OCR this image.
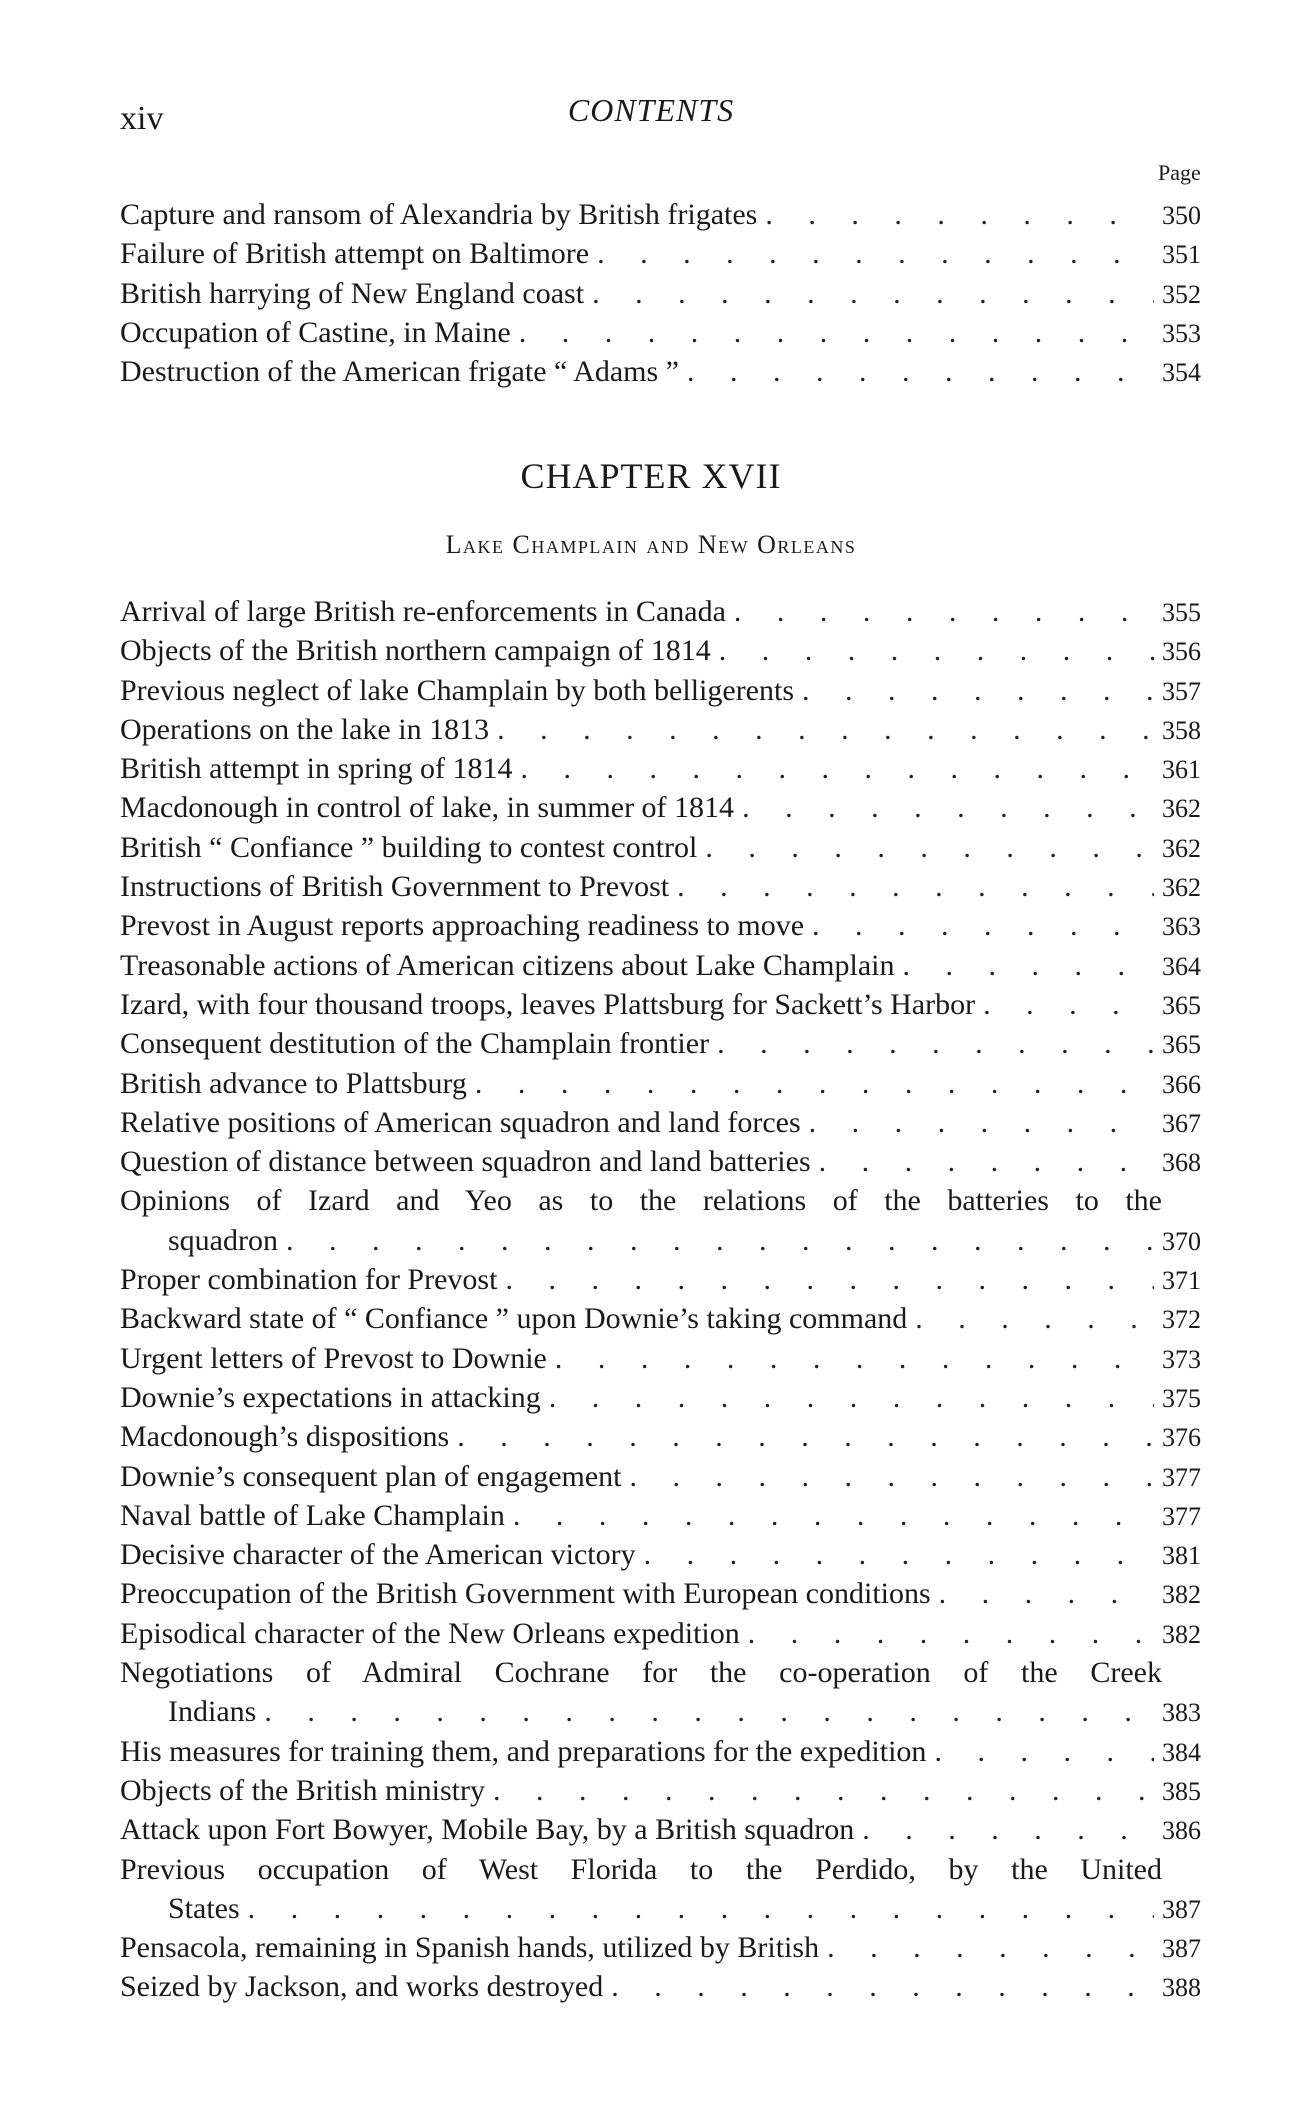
xiv	CONTENTS
Page
Capture and ransom of Alexandria by British frigates . . .	350
Failure of British attempt on Baltimore . . .	351
British harrying of New England coast . . .	352
Occupation of Castine, in Maine . . .	353
Destruction of the American frigate “ Adams ” . . .	354
CHAPTER XVII
Lake Champlain and New Orleans
Arrival of large British re-enforcements in Canada . . .	355
Objects of the British northern campaign of 1814 . . .	356
Previous neglect of lake Champlain by both belligerents . . .	357
Operations on the lake in 1813 . . .	358
British attempt in spring of 1814 . . .	361
Macdonough in control of lake, in summer of 1814 . . .	362
British “ Confiance ” building to contest control . . .	362
Instructions of British Government to Prevost . . .	362
Prevost in August reports approaching readiness to move . . .	363
Treasonable actions of American citizens about Lake Champlain . . .	364
Izard, with four thousand troops, leaves Plattsburg for Sackett’s Harbor . . .	365
Consequent destitution of the Champlain frontier . . .	365
British advance to Plattsburg . . .	366
Relative positions of American squadron and land forces . . .	367
Question of distance between squadron and land batteries . . .	368
Opinions of Izard and Yeo as to the relations of the batteries to the
squadron . . .	370
Proper combination for Prevost . . .	371
Backward state of “ Confiance ” upon Downie’s taking command . . .	372
Urgent letters of Prevost to Downie . . .	373
Downie’s expectations in attacking . . .	375
Macdonough’s dispositions . . .	376
Downie’s consequent plan of engagement . . .	377
Naval battle of Lake Champlain . . .	377
Decisive character of the American victory . . .	381
Preoccupation of the British Government with European conditions . . .	382
Episodical character of the New Orleans expedition . . .	382
Negotiations of Admiral Cochrane for the co-operation of the Creek
Indians . . .	383
His measures for training them, and preparations for the expedition . . .	384
Objects of the British ministry . . .	385
Attack upon Fort Bowyer, Mobile Bay, by a British squadron . . .	386
Previous occupation of West Florida to the Perdido, by the United
States . . .	387
Pensacola, remaining in Spanish hands, utilized by British . . .	387
Seized by Jackson, and works destroyed . . .	388
